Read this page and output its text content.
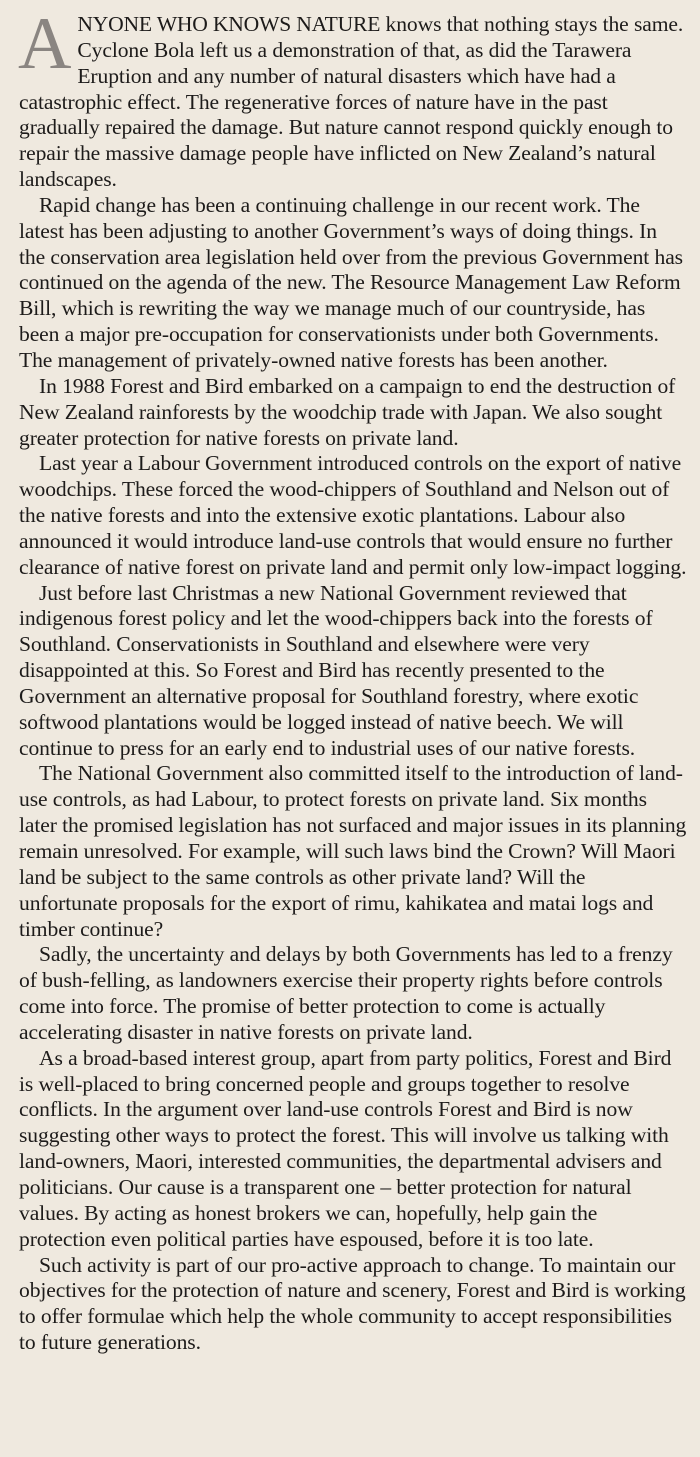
ANYONE WHO KNOWS NATURE knows that nothing stays the same. Cyclone Bola left us a demonstration of that, as did the Tarawera Eruption and any number of natural disasters which have had a catastrophic effect. The regenerative forces of nature have in the past gradually repaired the damage. But nature cannot respond quickly enough to repair the massive damage people have inflicted on New Zealand’s natural landscapes.

Rapid change has been a continuing challenge in our recent work. The latest has been adjusting to another Government’s ways of doing things. In the conservation area legislation held over from the previous Government has continued on the agenda of the new. The Resource Management Law Reform Bill, which is rewriting the way we manage much of our countryside, has been a major pre-occupation for conservationists under both Governments. The management of privately-owned native forests has been another.

In 1988 Forest and Bird embarked on a campaign to end the destruction of New Zealand rainforests by the woodchip trade with Japan. We also sought greater protection for native forests on private land.

Last year a Labour Government introduced controls on the export of native woodchips. These forced the wood-chippers of Southland and Nelson out of the native forests and into the extensive exotic plantations. Labour also announced it would introduce land-use controls that would ensure no further clearance of native forest on private land and permit only low-impact logging.

Just before last Christmas a new National Government reviewed that indigenous forest policy and let the wood-chippers back into the forests of Southland. Conservationists in Southland and elsewhere were very disappointed at this. So Forest and Bird has recently presented to the Government an alternative proposal for Southland forestry, where exotic softwood plantations would be logged instead of native beech. We will continue to press for an early end to industrial uses of our native forests.

The National Government also committed itself to the introduction of land-use controls, as had Labour, to protect forests on private land. Six months later the promised legislation has not surfaced and major issues in its planning remain unresolved. For example, will such laws bind the Crown? Will Maori land be subject to the same controls as other private land? Will the unfortunate proposals for the export of rimu, kahikatea and matai logs and timber continue?

Sadly, the uncertainty and delays by both Governments has led to a frenzy of bush-felling, as landowners exercise their property rights before controls come into force. The promise of better protection to come is actually accelerating disaster in native forests on private land.

As a broad-based interest group, apart from party politics, Forest and Bird is well-placed to bring concerned people and groups together to resolve conflicts. In the argument over land-use controls Forest and Bird is now suggesting other ways to protect the forest. This will involve us talking with land-owners, Maori, interested communities, the departmental advisers and politicians. Our cause is a transparent one – better protection for natural values. By acting as honest brokers we can, hopefully, help gain the protection even political parties have espoused, before it is too late.

Such activity is part of our pro-active approach to change. To maintain our objectives for the protection of nature and scenery, Forest and Bird is working to offer formulae which help the whole community to accept responsibilities to future generations.
